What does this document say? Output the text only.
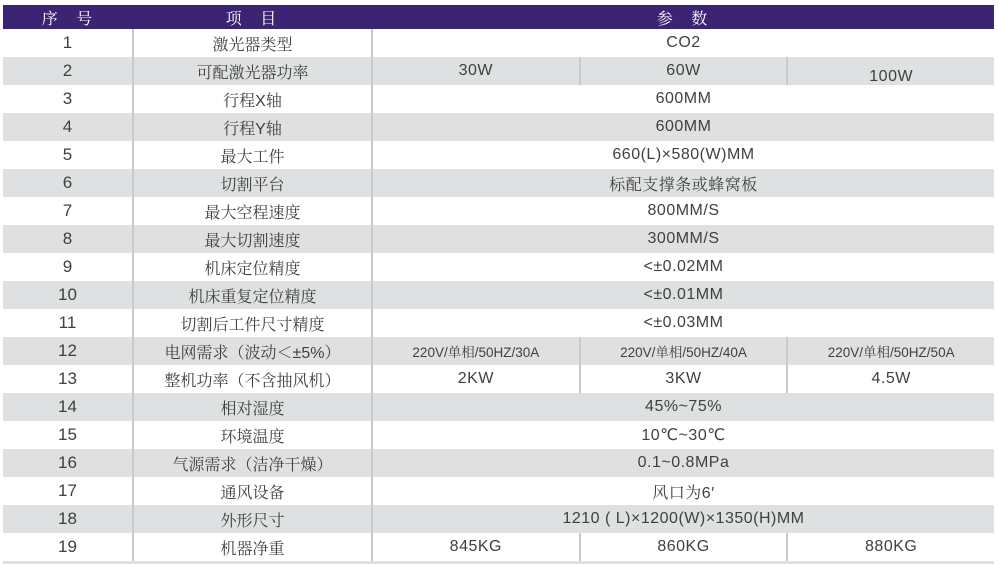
序 号	项 目	参 数
1	激光器类型	CO2
2	可配激光器功率	30W	60W	100W
3	行程X轴	600MM
4	行程Y轴	600MM
5	最大工件	660(L)×580(W)MM
6	切割平台	标配支撑条或蜂窝板
7	最大空程速度	800MM/S
8	最大切割速度	300MM/S
9	机床定位精度	<±0.02MM
10	机床重复定位精度	<±0.01MM
11	切割后工件尺寸精度	<±0.03MM
12	电网需求（波动＜±5%）	220V/单相/50HZ/30A	220V/单相/50HZ/40A	220V/单相/50HZ/50A
13	整机功率（不含抽风机）	2KW	3KW	4.5W
14	相对湿度	45%~75%
15	环境温度	10℃~30℃
16	气源需求（洁净干燥）	0.1~0.8MPa
17	通风设备	风口为6′
18	外形尺寸	1210 ( L)×1200(W)×1350(H)MM
19	机器净重	845KG	860KG	880KG
